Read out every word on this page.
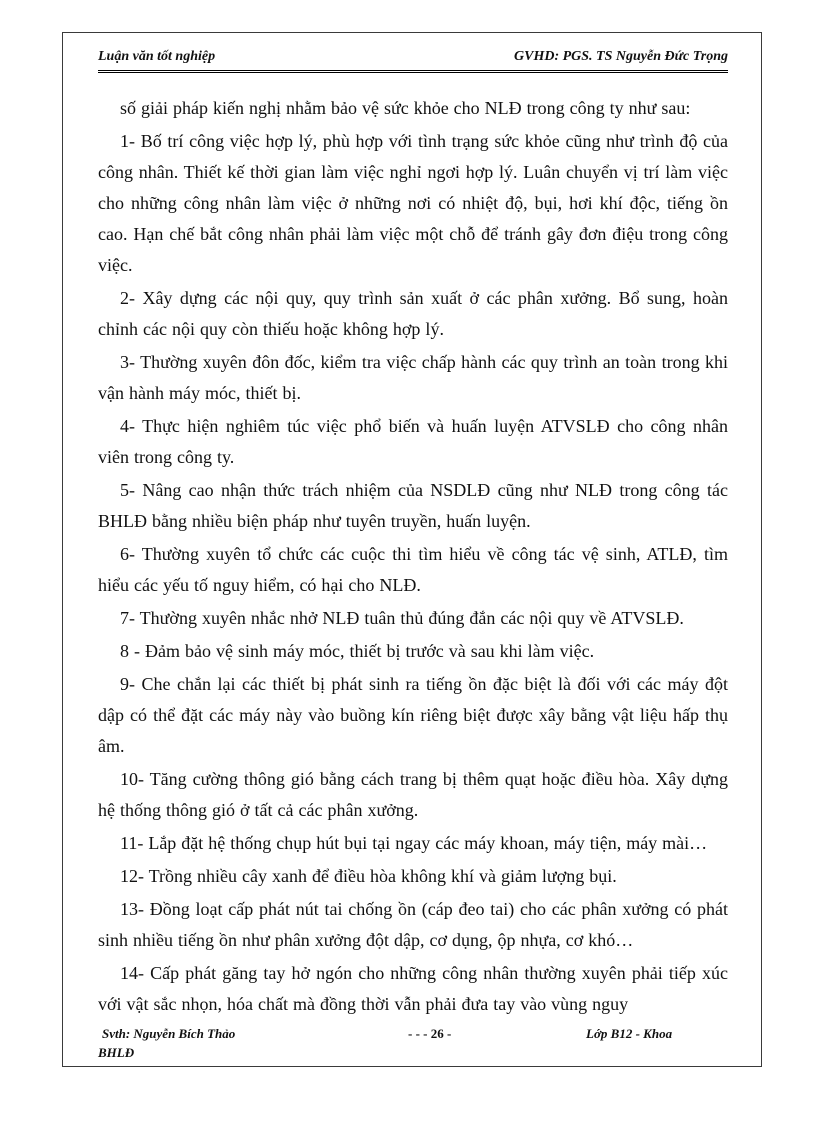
Luận văn tốt nghiệp	GVHD: PGS. TS Nguyễn Đức Trọng

số giải pháp kiến nghị nhằm bảo vệ sức khỏe cho NLĐ trong công ty như sau:

1- Bố trí công việc hợp lý, phù hợp với tình trạng sức khỏe cũng như trình độ của công nhân. Thiết kế thời gian làm việc nghỉ ngơi hợp lý. Luân chuyển vị trí làm việc cho những công nhân làm việc ở những nơi có nhiệt độ, bụi, hơi khí độc, tiếng ồn cao. Hạn chế bắt công nhân phải làm việc một chỗ để tránh gây đơn điệu trong công việc.

2- Xây dựng các nội quy, quy trình sản xuất ở các phân xưởng. Bổ sung, hoàn chỉnh các nội quy còn thiếu hoặc không hợp lý.

3- Thường xuyên đôn đốc, kiểm tra việc chấp hành các quy trình an toàn trong khi vận hành máy móc, thiết bị.

4- Thực hiện nghiêm túc việc phổ biến và huấn luyện ATVSLĐ cho công nhân viên trong công ty.

5- Nâng cao nhận thức trách nhiệm của NSDLĐ cũng như NLĐ trong công tác BHLĐ bằng nhiều biện pháp như tuyên truyền, huấn luyện.

6- Thường xuyên tổ chức các cuộc thi tìm hiểu về công tác vệ sinh, ATLĐ, tìm hiểu các yếu tố nguy hiểm, có hại cho NLĐ.

7- Thường xuyên nhắc nhở NLĐ tuân thủ đúng đắn các nội quy về ATVSLĐ.

8 - Đảm bảo vệ sinh máy móc, thiết bị trước và sau khi làm việc.

9- Che chắn lại các thiết bị phát sinh ra tiếng ồn đặc biệt là đối với các máy đột dập có thể đặt các máy này vào buồng kín riêng biệt được xây bằng vật liệu hấp thụ âm.

10- Tăng cường thông gió bằng cách trang bị thêm quạt hoặc điều hòa. Xây dựng hệ thống thông gió ở tất cả các phân xưởng.

11- Lắp đặt hệ thống chụp hút bụi tại ngay các máy khoan, máy tiện, máy mài…

12- Trồng nhiều cây xanh để điều hòa không khí và giảm lượng bụi.

13- Đồng loạt cấp phát nút tai chống ồn (cáp đeo tai) cho các phân xưởng có phát sinh nhiều tiếng ồn như phân xưởng đột dập, cơ dụng, ộp nhựa, cơ khó…

14- Cấp phát găng tay hở ngón cho những công nhân thường xuyên phải tiếp xúc với vật sắc nhọn, hóa chất mà đồng thời vẫn phải đưa tay vào vùng nguy

Svth: Nguyễn Bích Thảo	- - - 26 -	Lớp B12 - Khoa
BHLĐ
